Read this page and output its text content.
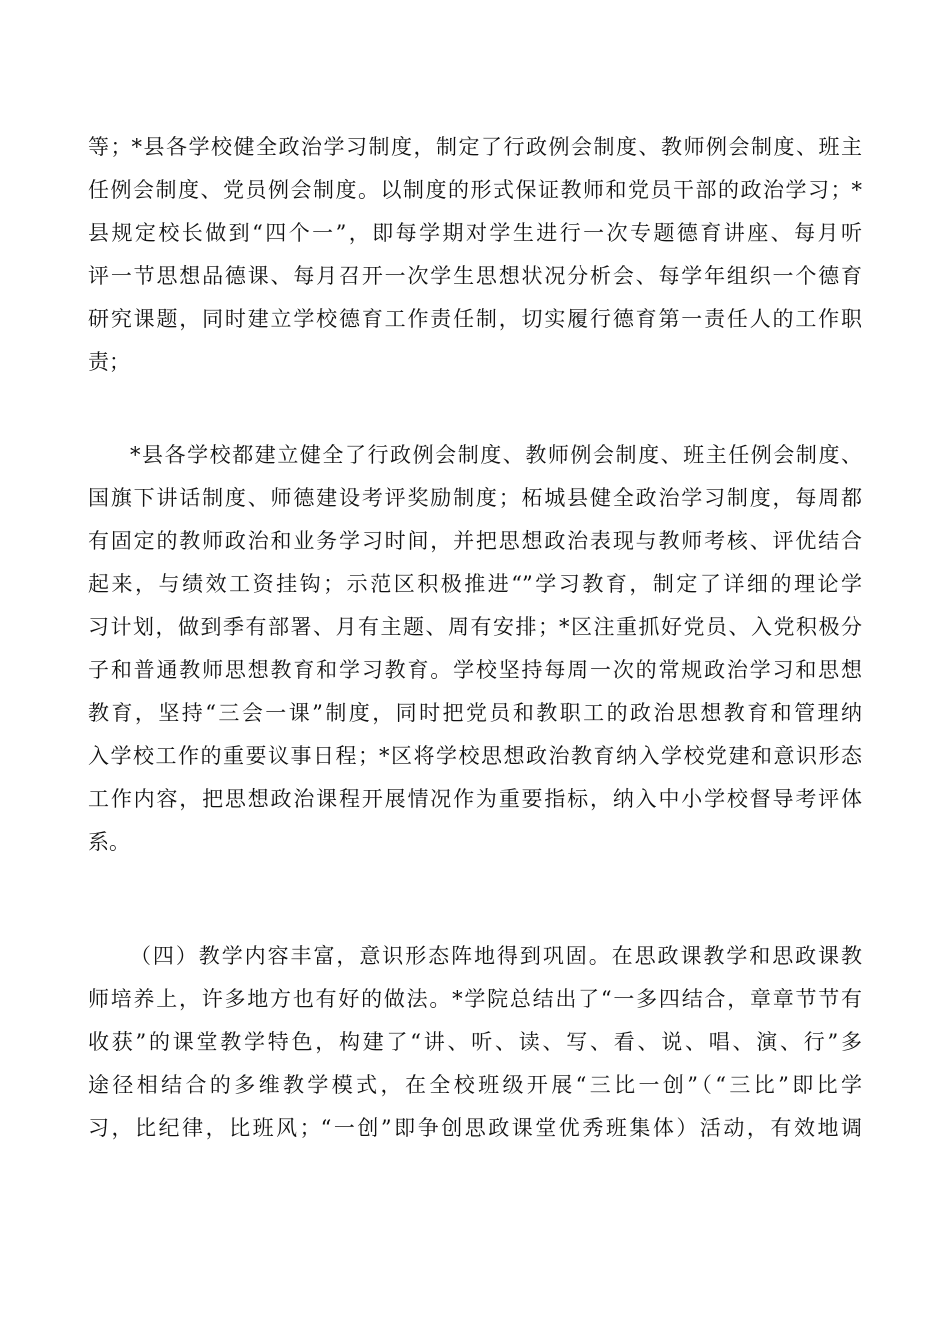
等；*县各学校健全政治学习制度，制定了行政例会制度、教师例会制度、班主
任例会制度、党员例会制度。以制度的形式保证教师和党员干部的政治学习；*
县规定校长做到“四个一”，即每学期对学生进行一次专题德育讲座、每月听
评一节思想品德课、每月召开一次学生思想状况分析会、每学年组织一个德育
研究课题，同时建立学校德育工作责任制，切实履行德育第一责任人的工作职
责；
*县各学校都建立健全了行政例会制度、教师例会制度、班主任例会制度、
国旗下讲话制度、师德建设考评奖励制度；柘城县健全政治学习制度，每周都
有固定的教师政治和业务学习时间，并把思想政治表现与教师考核、评优结合
起来，与绩效工资挂钩；示范区积极推进“”学习教育，制定了详细的理论学
习计划，做到季有部署、月有主题、周有安排；*区注重抓好党员、入党积极分
子和普通教师思想教育和学习教育。学校坚持每周一次的常规政治学习和思想
教育，坚持“三会一课”制度，同时把党员和教职工的政治思想教育和管理纳
入学校工作的重要议事日程；*区将学校思想政治教育纳入学校党建和意识形态
工作内容，把思想政治课程开展情况作为重要指标，纳入中小学校督导考评体
系。
（四）教学内容丰富，意识形态阵地得到巩固。在思政课教学和思政课教
师培养上，许多地方也有好的做法。*学院总结出了“一多四结合，章章节节有
收获”的课堂教学特色，构建了“讲、听、读、写、看、说、唱、演、行”多
途径相结合的多维教学模式，在全校班级开展“三比一创”（“三比”即比学
习，比纪律，比班风；“一创”即争创思政课堂优秀班集体）活动，有效地调
